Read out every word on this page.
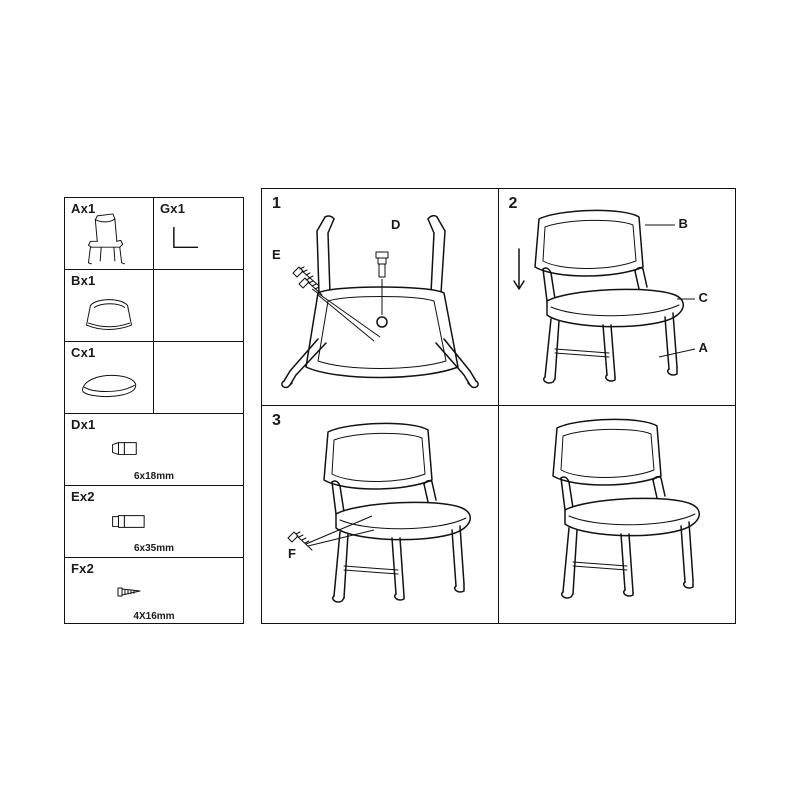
Ax1	Gx1
Bx1
Cx1
Dx1
6x18mm
Ex2
6x35mm
Fx2
4X16mm
1
D
E
2
B
C
A
3
F
